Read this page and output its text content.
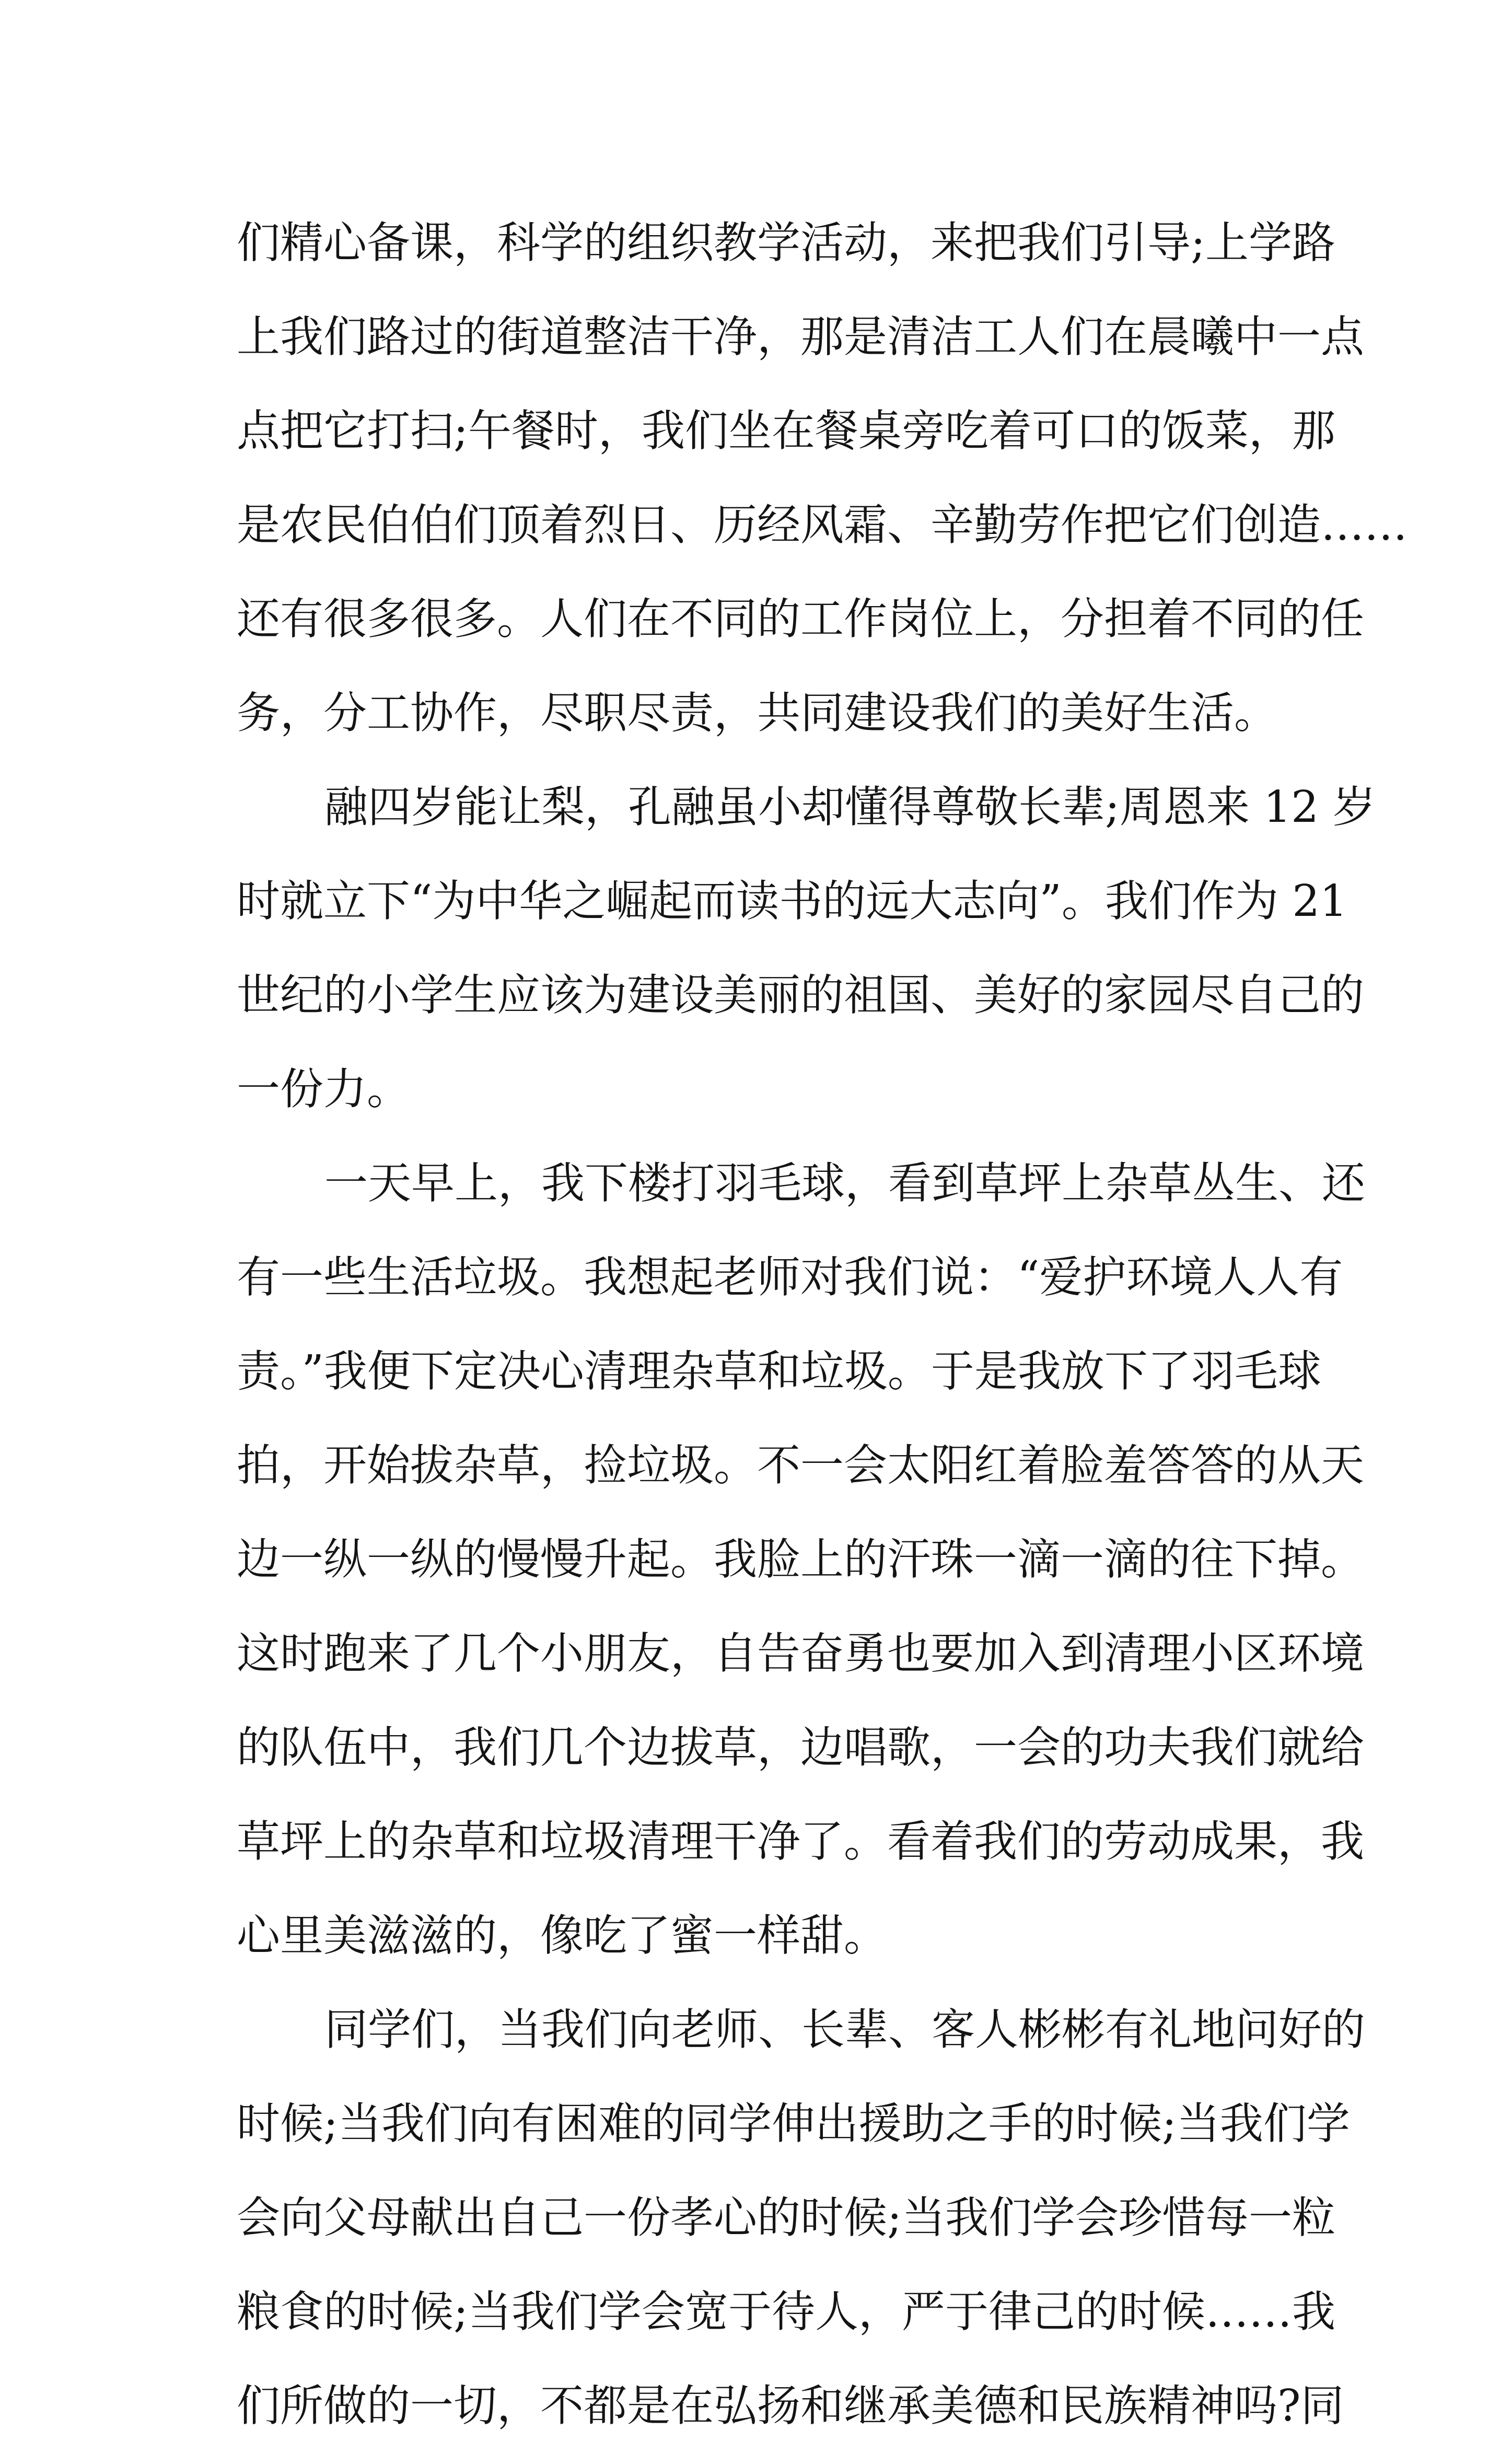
们精心备课，科学的组织教学活动，来把我们引导;上学路
上我们路过的街道整洁干净，那是清洁工人们在晨曦中一点
点把它打扫;午餐时，我们坐在餐桌旁吃着可口的饭菜，那
是农民伯伯们顶着烈日、历经风霜、辛勤劳作把它们创造……
还有很多很多。人们在不同的工作岗位上，分担着不同的任
务，分工协作，尽职尽责，共同建设我们的美好生活。
融四岁能让梨，孔融虽小却懂得尊敬长辈;周恩来 12 岁
时就立下“为中华之崛起而读书的远大志向”。我们作为 21
世纪的小学生应该为建设美丽的祖国、美好的家园尽自己的
一份力。
一天早上，我下楼打羽毛球，看到草坪上杂草丛生、还
有一些生活垃圾。我想起老师对我们说：“爱护环境人人有
责。”我便下定决心清理杂草和垃圾。于是我放下了羽毛球
拍，开始拔杂草，捡垃圾。不一会太阳红着脸羞答答的从天
边一纵一纵的慢慢升起。我脸上的汗珠一滴一滴的往下掉。
这时跑来了几个小朋友，自告奋勇也要加入到清理小区环境
的队伍中，我们几个边拔草，边唱歌，一会的功夫我们就给
草坪上的杂草和垃圾清理干净了。看着我们的劳动成果，我
心里美滋滋的，像吃了蜜一样甜。
同学们，当我们向老师、长辈、客人彬彬有礼地问好的
时候;当我们向有困难的同学伸出援助之手的时候;当我们学
会向父母献出自己一份孝心的时候;当我们学会珍惜每一粒
粮食的时候;当我们学会宽于待人，严于律己的时候……我
们所做的一切，不都是在弘扬和继承美德和民族精神吗?同
